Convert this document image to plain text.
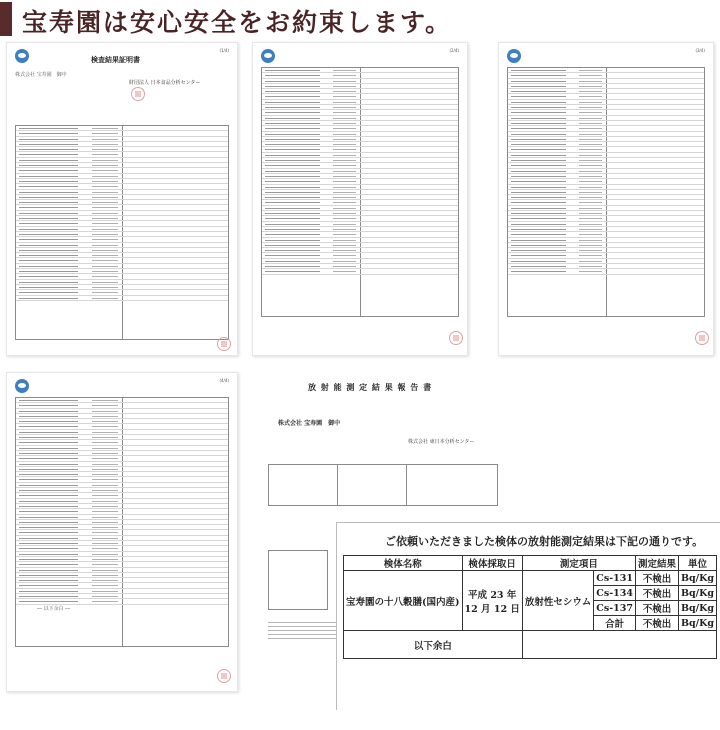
宝寿園は安心安全をお約束します。
(1/4)
検査結果証明書
株式会社 宝寿園　御中
財団法人 日本食品分析センター
(2/4)	(3/4)
(4/4)
― 以下余白 ―
放 射 能 測 定 結 果 報 告 書
株式会社 宝寿園　御中
株式会社 東日本分析センター
ご依頼いただきました検体の放射能測定結果は下記の通りです。
検体名称	検体採取日	測定項目		測定結果	単位
宝寿園の十八穀膳(国内産)	平成 23 年
12 月 12 日	放射性セシウム	Cs-131	不検出	Bq/Kg
			Cs-134	不検出	Bq/Kg
			Cs-137	不検出	Bq/Kg
			合計	不検出	Bq/Kg
以下余白					
